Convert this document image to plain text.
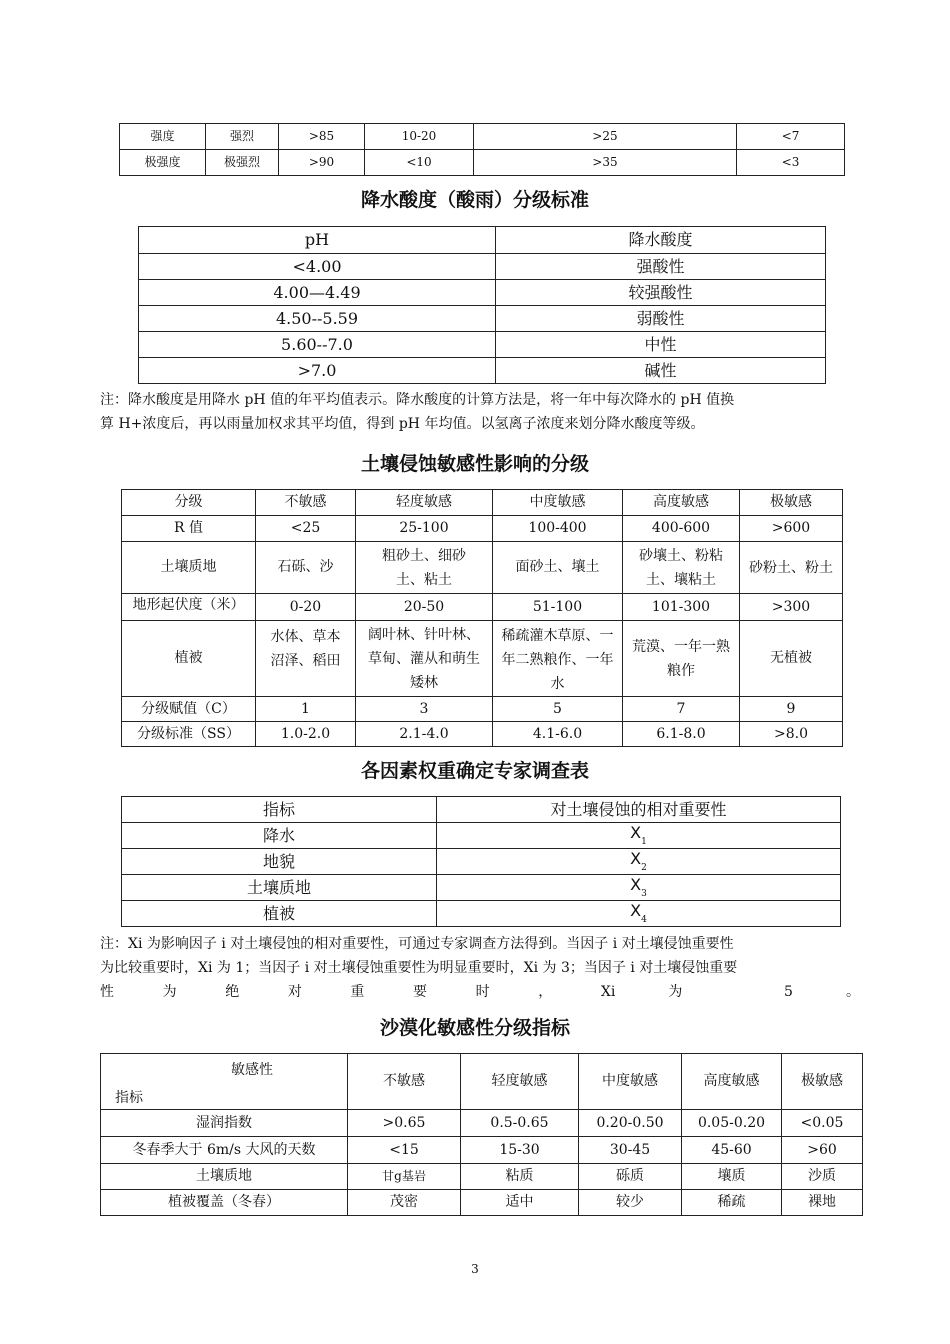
强度	强烈	>85	10-20	>25	<7
极强度	极强烈	>90	<10	>35	<3
降水酸度（酸雨）分级标准
pH	降水酸度
<4.00	强酸性
4.00—4.49	较强酸性
4.50--5.59	弱酸性
5.60--7.0	中性
>7.0	碱性
注：降水酸度是用降水 pH 值的年平均值表示。降水酸度的计算方法是，将一年中每次降水的 pH 值换
算 H+浓度后，再以雨量加权求其平均值，得到 pH 年均值。以氢离子浓度来划分降水酸度等级。
土壤侵蚀敏感性影响的分级
分级	不敏感	轻度敏感	中度敏感	高度敏感	极敏感
R 值	<25	25-100	100-400	400-600	>600
土壤质地	石砾、沙	粗砂土、细砂土、粘土	面砂土、壤土	砂壤土、粉粘土、壤粘土	砂粉土、粉土

地形起伏度（米）	0-20	20-50	51-100	101-300	>300
植被	水体、草本沼泽、稻田	阔叶林、针叶林、草甸、灌从和萌生矮林	稀疏灌木草原、一年二熟粮作、一年水	荒漠、一年一熟粮作	无植被
分级赋值（C）	1	3	5	7	9
分级标准（SS）	1.0-2.0	2.1-4.0	4.1-6.0	6.1-8.0	>8.0
各因素权重确定专家调查表
指标	对土壤侵蚀的相对重要性
降水	$X_1$
地貌	$X_2$
土壤质地	$X_3$
植被	$X_4$
注：Xi 为影响因子 i 对土壤侵蚀的相对重要性，可通过专家调查方法得到。当因子 i 对土壤侵蚀重要性
为比较重要时，Xi 为 1；当因子 i 对土壤侵蚀重要性为明显重要时，Xi 为 3；当因子 i 对土壤侵蚀重要
性为绝对重要时，Xi 为 5 。
沙漠化敏感性分级指标
敏感性
指标	不敏感	轻度敏感	中度敏感	高度敏感	极敏感
湿润指数	>0.65	0.5-0.65	0.20-0.50	0.05-0.20	<0.05
冬春季大于 6m/s 大风的天数	<15	15-30	30-45	45-60	>60
土壤质地	甘g基岩	粘质	砾质	壤质	沙质
植被覆盖（冬春）	茂密	适中	较少	稀疏	裸地
3
